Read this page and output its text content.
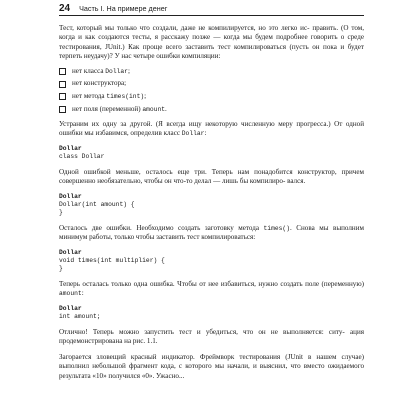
24 Часть I. На примере денег

Тест, который мы только что создали, даже не компилируется, но это легко ис- править. (О том, когда и как создаются тесты, я расскажу позже — когда мы будем подробнее говорить о среде тестирования, JUnit.) Как проще всего заставить тест компилироваться (пусть он пока и будет терпеть неудачу)? У нас четыре ошибки компиляции:

нет класса Dollar;
нет конструктора;
нет метода times(int);
нет поля (переменной) amount.

Устраним их одну за другой. (Я всегда ищу некоторую численную меру прогресса.) От одной ошибки мы избавимся, определив класс Dollar:

Dollar
class Dollar

Одной ошибкой меньше, осталось еще три. Теперь нам понадобится конструктор, причем совершенно необязательно, чтобы он что-то делал — лишь бы компилиро- вался.

Dollar
Dollar(int amount) {
}

Осталось две ошибки. Необходимо создать заготовку метода times(). Снова мы выполним минимум работы, только чтобы заставить тест компилироваться:

Dollar
void times(int multiplier) {
}

Теперь осталась только одна ошибка. Чтобы от нее избавиться, нужно создать поле (переменную) amount:

Dollar
int amount;

Отлично! Теперь можно запустить тест и убедиться, что он не выполняется: ситу- ация продемонстрирована на рис. 1.1.

Загорается зловещий красный индикатор. Фреймворк тестирования (JUnit в нашем случае) выполнил небольшой фрагмент кода, с которого мы начали, и выяснил, что вместо ожидаемого результата «10» получился «0». Ужасно...
